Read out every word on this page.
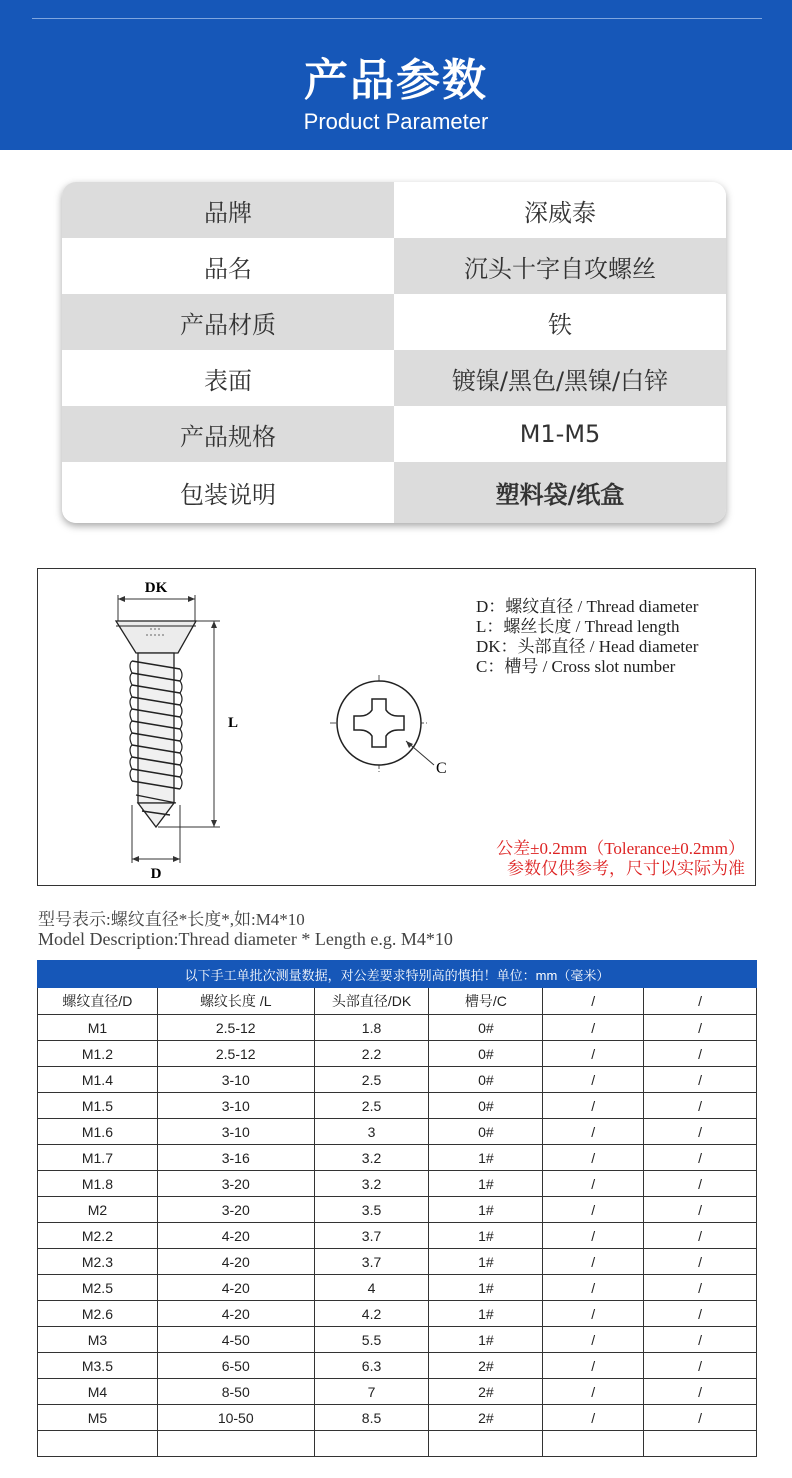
产品参数
Product Parameter
品牌	深威泰
品名	沉头十字自攻螺丝
产品材质	铁
表面	镀镍/黑色/黑镍/白锌
产品规格	M1-M5
包装说明	塑料袋/纸盒
DK
L
D
C
D：螺纹直径 / Thread diameter
L：螺丝长度 / Thread length
DK：头部直径 / Head diameter
C：槽号 / Cross slot number
公差±0.2mm（Tolerance±0.2mm）
参数仅供参考，尺寸以实际为准
型号表示:螺纹直径*长度*,如:M4*10
Model Description:Thread diameter * Length e.g. M4*10
以下手工单批次测量数据，对公差要求特别高的慎拍！单位：mm（毫米）					
螺纹直径/D	螺纹长度 /L	头部直径/DK	槽号/C	/	/
M1	2.5-12	1.8	0#	/	/
M1.2	2.5-12	2.2	0#	/	/
M1.4	3-10	2.5	0#	/	/
M1.5	3-10	2.5	0#	/	/
M1.6	3-10	3	0#	/	/
M1.7	3-16	3.2	1#	/	/
M1.8	3-20	3.2	1#	/	/
M2	3-20	3.5	1#	/	/
M2.2	4-20	3.7	1#	/	/
M2.3	4-20	3.7	1#	/	/
M2.5	4-20	4	1#	/	/
M2.6	4-20	4.2	1#	/	/
M3	4-50	5.5	1#	/	/
M3.5	6-50	6.3	2#	/	/
M4	8-50	7	2#	/	/
M5	10-50	8.5	2#	/	/
